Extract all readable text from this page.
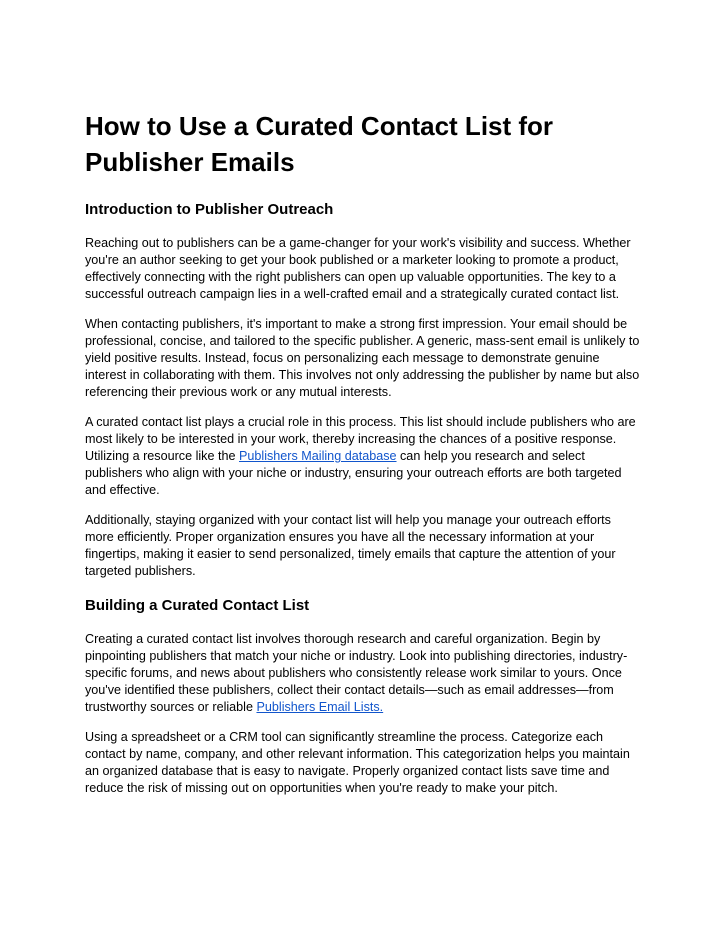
How to Use a Curated Contact List for Publisher Emails
Introduction to Publisher Outreach

Reaching out to publishers can be a game-changer for your work's visibility and success. Whether you're an author seeking to get your book published or a marketer looking to promote a product, effectively connecting with the right publishers can open up valuable opportunities. The key to a successful outreach campaign lies in a well-crafted email and a strategically curated contact list.

When contacting publishers, it's important to make a strong first impression. Your email should be professional, concise, and tailored to the specific publisher. A generic, mass-sent email is unlikely to yield positive results. Instead, focus on personalizing each message to demonstrate genuine interest in collaborating with them. This involves not only addressing the publisher by name but also referencing their previous work or any mutual interests.

A curated contact list plays a crucial role in this process. This list should include publishers who are most likely to be interested in your work, thereby increasing the chances of a positive response. Utilizing a resource like the Publishers Mailing database can help you research and select publishers who align with your niche or industry, ensuring your outreach efforts are both targeted and effective.

Additionally, staying organized with your contact list will help you manage your outreach efforts more efficiently. Proper organization ensures you have all the necessary information at your fingertips, making it easier to send personalized, timely emails that capture the attention of your targeted publishers.

Building a Curated Contact List

Creating a curated contact list involves thorough research and careful organization. Begin by pinpointing publishers that match your niche or industry. Look into publishing directories, industry-specific forums, and news about publishers who consistently release work similar to yours. Once you've identified these publishers, collect their contact details—such as email addresses—from trustworthy sources or reliable Publishers Email Lists.

Using a spreadsheet or a CRM tool can significantly streamline the process. Categorize each contact by name, company, and other relevant information. This categorization helps you maintain an organized database that is easy to navigate. Properly organized contact lists save time and reduce the risk of missing out on opportunities when you're ready to make your pitch.
